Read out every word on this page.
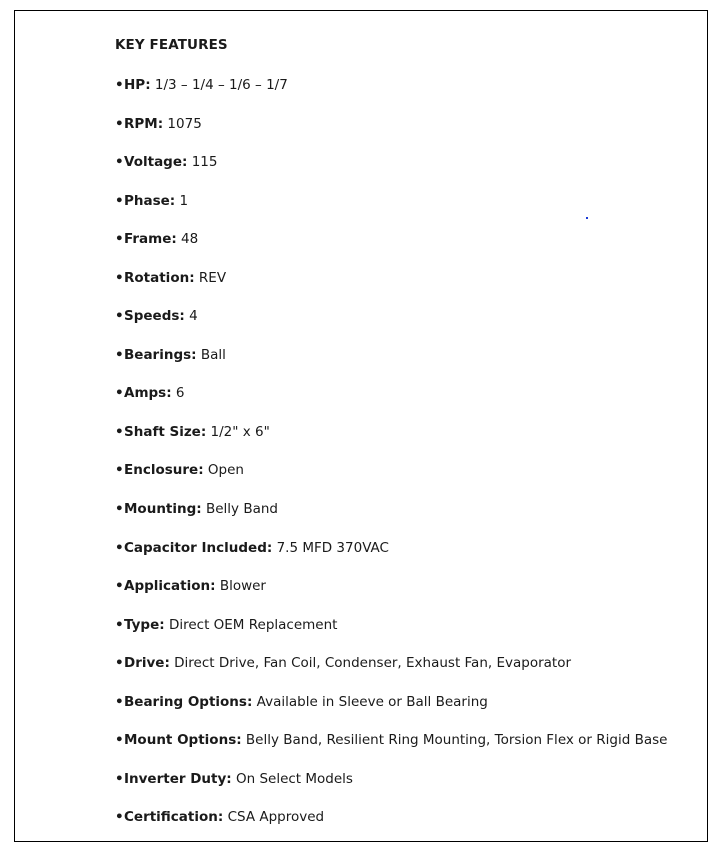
KEY FEATURES
•HP: 1/3 – 1/4 – 1/6 – 1/7
•RPM: 1075
•Voltage: 115
•Phase: 1
•Frame: 48
•Rotation: REV
•Speeds: 4
•Bearings: Ball
•Amps: 6
•Shaft Size: 1/2" x 6"
•Enclosure: Open
•Mounting: Belly Band
•Capacitor Included: 7.5 MFD 370VAC
•Application: Blower
•Type: Direct OEM Replacement
•Drive: Direct Drive, Fan Coil, Condenser, Exhaust Fan, Evaporator
•Bearing Options: Available in Sleeve or Ball Bearing
•Mount Options: Belly Band, Resilient Ring Mounting, Torsion Flex or Rigid Base
•Inverter Duty: On Select Models
•Certification: CSA Approved
